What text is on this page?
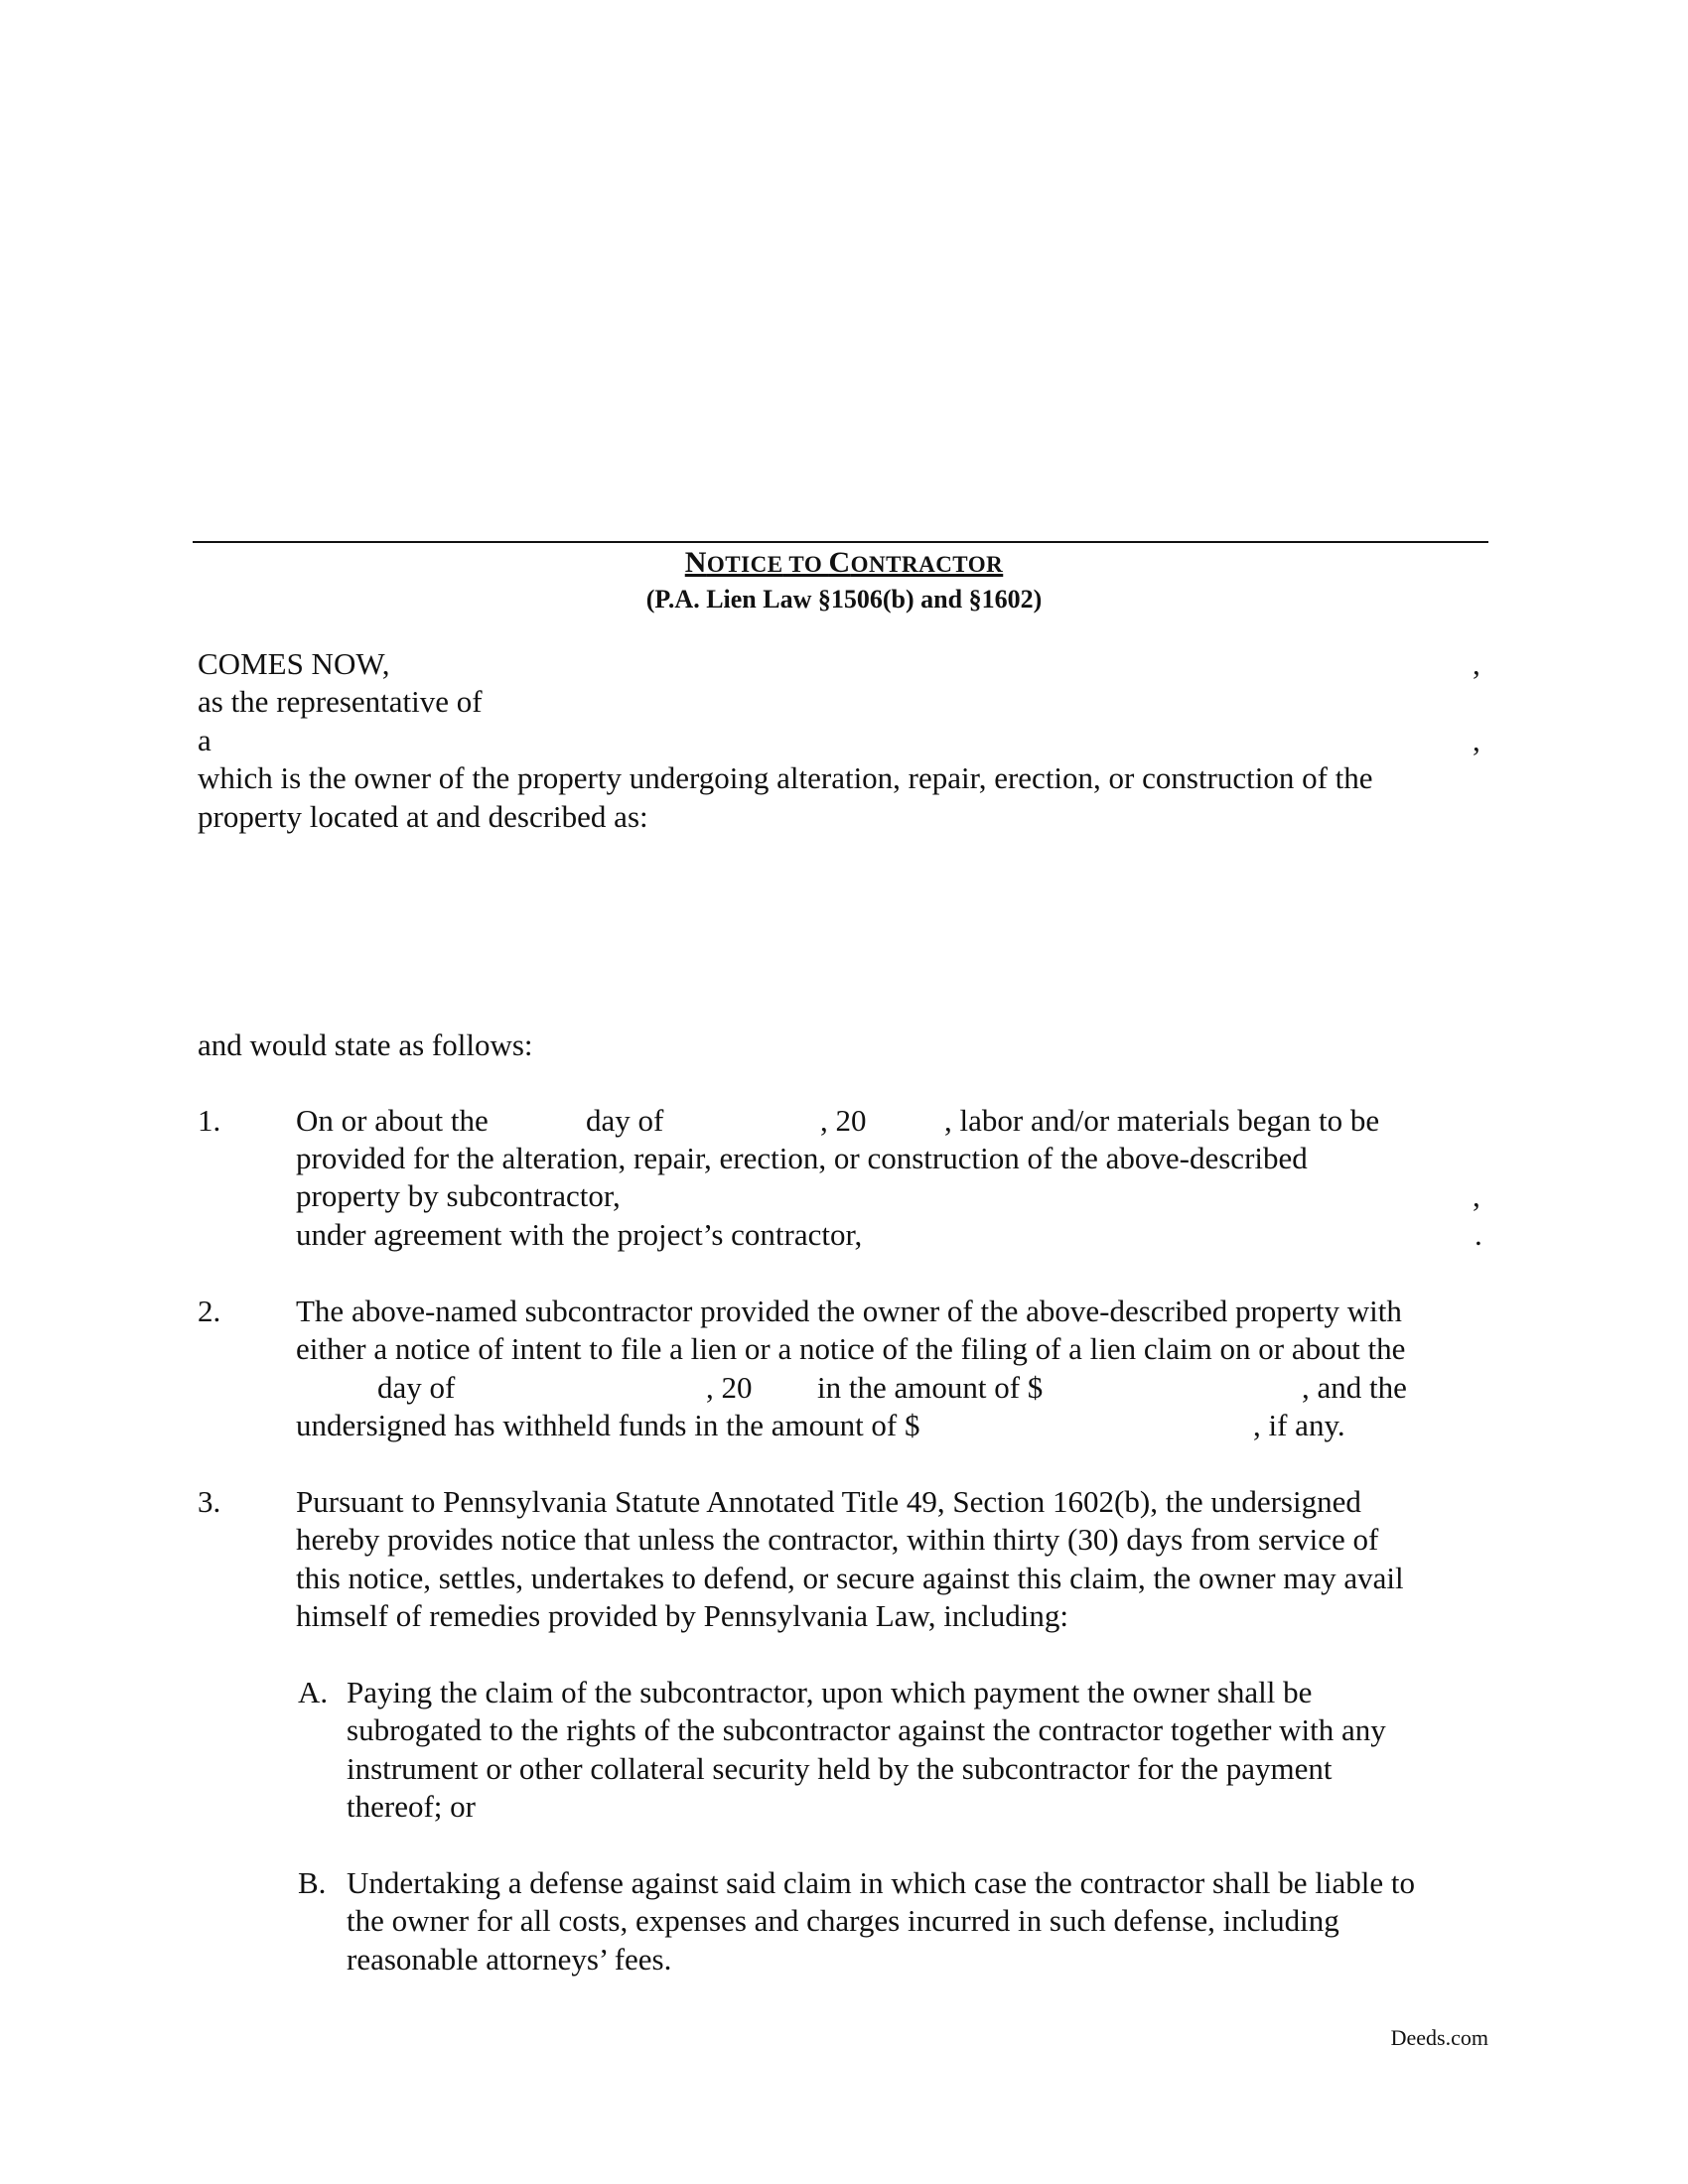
NOTICE TO CONTRACTOR
(P.A. Lien Law §1506(b) and §1602)
COMES NOW,	,
as the representative of
a	,
which is the owner of the property undergoing alteration, repair, erection, or construction of the
property located at and described as:
and would state as follows:
1. On or about the	day of	, 20	, labor and/or materials began to be
provided for the alteration, repair, erection, or construction of the above-described
property by subcontractor,	,
under agreement with the project’s contractor,	.
2. The above-named subcontractor provided the owner of the above-described property with
either a notice of intent to file a lien or a notice of the filing of a lien claim on or about the
day of	, 20 in the amount of $	, and the
undersigned has withheld funds in the amount of $	, if any.
3. Pursuant to Pennsylvania Statute Annotated Title 49, Section 1602(b), the undersigned
hereby provides notice that unless the contractor, within thirty (30) days from service of
this notice, settles, undertakes to defend, or secure against this claim, the owner may avail
himself of remedies provided by Pennsylvania Law, including:
A. Paying the claim of the subcontractor, upon which payment the owner shall be
subrogated to the rights of the subcontractor against the contractor together with any
instrument or other collateral security held by the subcontractor for the payment
thereof; or
B. Undertaking a defense against said claim in which case the contractor shall be liable to
the owner for all costs, expenses and charges incurred in such defense, including
reasonable attorneys’ fees.
Deeds.com
